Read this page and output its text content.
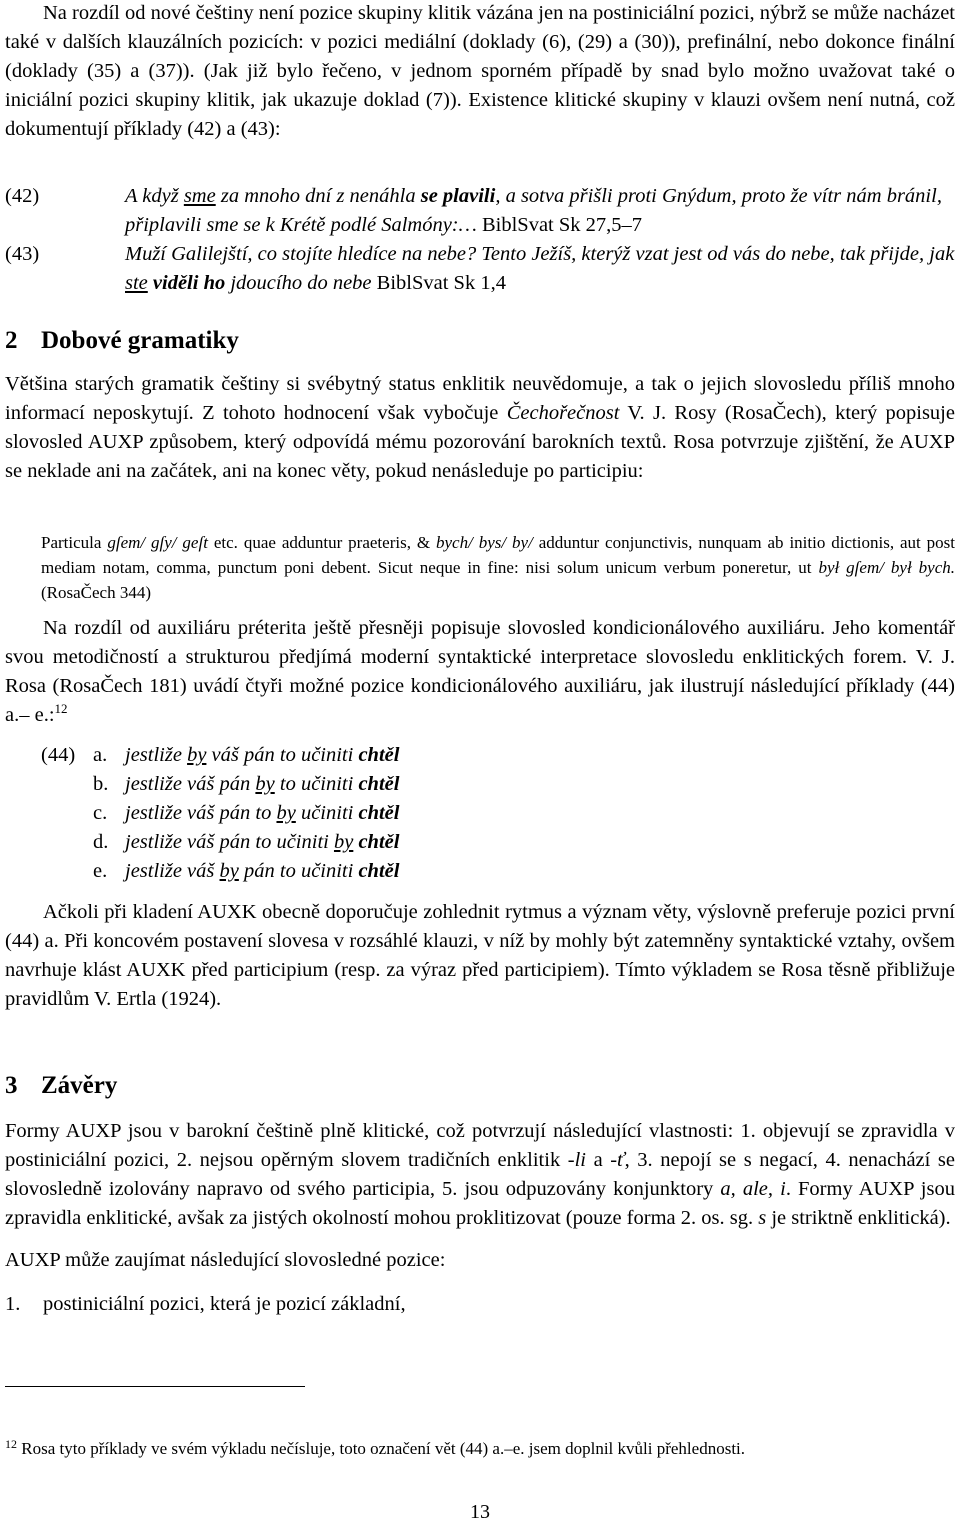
Na rozdíl od nové češtiny není pozice skupiny klitik vázána jen na postiniciální pozici, nýbrž se může nacházet také v dalších klauzálních pozicích: v pozici mediální (doklady (6), (29) a (30)), prefinální, nebo dokonce finální (doklady (35) a (37)). (Jak již bylo řečeno, v jednom sporném případě by snad bylo možno uvažovat také o iniciální pozici skupiny klitik, jak ukazuje doklad (7)). Existence klitické skupiny v klauzi ovšem není nutná, což dokumentují příklady (42) a (43):

(42)	A když sme za mnoho dní z nenáhla se plavili, a sotva přišli proti Gnýdum, proto že vítr nám bránil, připlavili sme se k Krétě podlé Salmóny:… BiblSvat Sk 27,5–7
(43)	Muží Galilejští, co stojíte hledíce na nebe? Tento Ježíš, kterýž vzat jest od vás do nebe, tak přijde, jak ste viděli ho jdoucího do nebe BiblSvat Sk 1,4
2 Dobové gramatiky

Většina starých gramatik češtiny si svébytný status enklitik neuvědomuje, a tak o jejich slovosledu příliš mnoho informací neposkytují. Z tohoto hodnocení však vybočuje Čechořečnost V. J. Rosy (RosaČech), který popisuje slovosled AUXP způsobem, který odpovídá mému pozorování barokních textů. Rosa potvrzuje zjištění, že AUXP se neklade ani na začátek, ani na konec věty, pokud nenásleduje po participiu:

Particula gſem/ gſy/ geſt etc. quae adduntur praeteris, & bych/ bys/ by/ adduntur conjunctivis, nunquam ab initio dictionis, aut post mediam notam, comma, punctum poni debent. Sicut neque in fine: nisi solum unicum verbum poneretur, ut był gſem/ był bych. (RosaČech 344)

Na rozdíl od auxiliáru préterita ještě přesněji popisuje slovosled kondicionálového auxiliáru. Jeho komentář svou metodičností a strukturou předjímá moderní syntaktické interpretace slovosledu enklitických forem. V. J. Rosa (RosaČech 181) uvádí čtyři možné pozice kondicionálového auxiliáru, jak ilustrují následující příklady (44) a.– e.:$^{12}$

(44) a. jestliže by váš pán to učiniti chtěl
b. jestliže váš pán by to učiniti chtěl
c. jestliže váš pán to by učiniti chtěl
d. jestliže váš pán to učiniti by chtěl
e. jestliže váš by pán to učiniti chtěl

Ačkoli při kladení AUXK obecně doporučuje zohlednit rytmus a význam věty, výslovně preferuje pozici první (44) a. Při koncovém postavení slovesa v rozsáhlé klauzi, v níž by mohly být zatemněny syntaktické vztahy, ovšem navrhuje klást AUXK před participium (resp. za výraz před participiem). Tímto výkladem se Rosa těsně přibližuje pravidlům V. Ertla (1924).

3 Závěry

Formy AUXP jsou v barokní češtině plně klitické, což potvrzují následující vlastnosti: 1. objevují se zpravidla v postiniciální pozici, 2. nejsou opěrným slovem tradičních enklitik -li a -ť, 3. nepojí se s negací, 4. nenachází se slovosledně izolovány napravo od svého participia, 5. jsou odpuzovány konjunktory a, ale, i. Formy AUXP jsou zpravidla enklitické, avšak za jistých okolností mohou proklitizovat (pouze forma 2. os. sg. s je striktně enklitická).

AUXP může zaujímat následující slovosledné pozice:

1. postiniciální pozici, která je pozicí základní,

$^{12}$ Rosa tyto příklady ve svém výkladu nečísluje, toto označení vět (44) a.–e. jsem doplnil kvůli přehlednosti.

13
